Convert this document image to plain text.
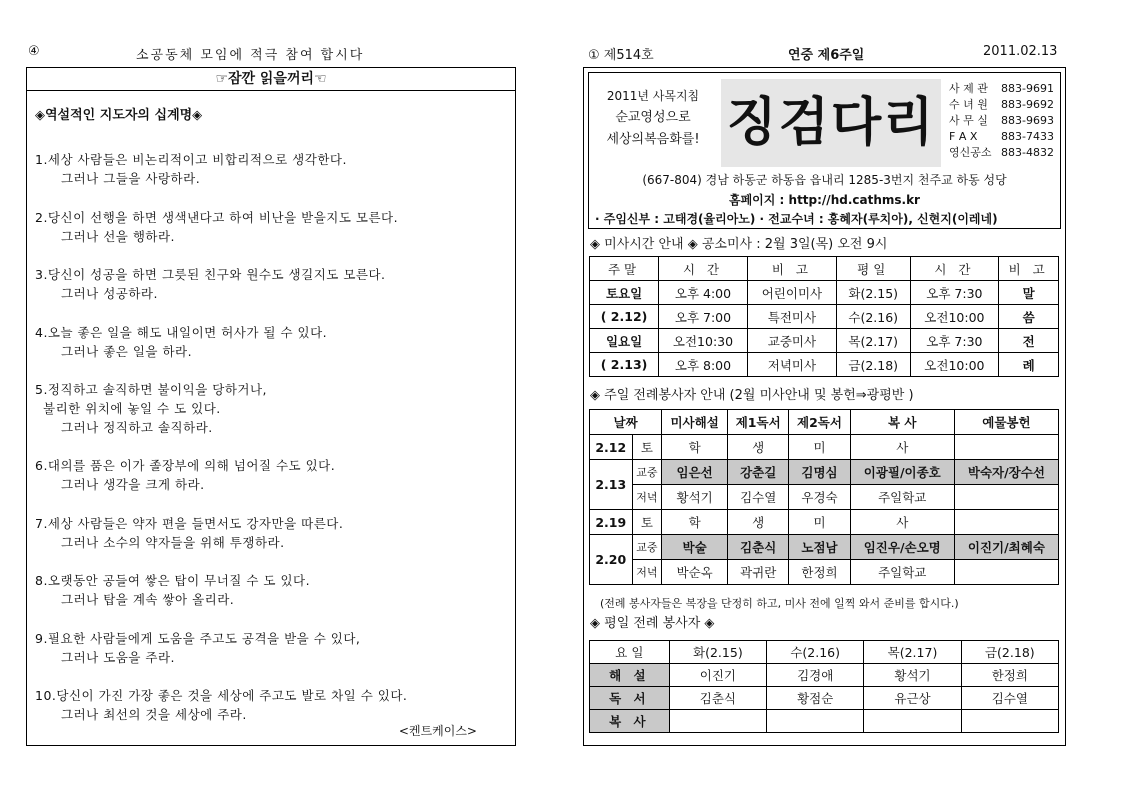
④	소공동체 모임에 적극 참여 합시다
☞잠깐 읽을꺼리☜
◈역설적인 지도자의 십계명◈
1.세상 사람들은 비논리적이고 비합리적으로 생각한다.
그러나 그들을 사랑하라.
2.당신이 선행을 하면 생색낸다고 하여 비난을 받을지도 모른다.
그러나 선을 행하라.
3.당신이 성공을 하면 그릇된 친구와 원수도 생길지도 모른다.
그러나 성공하라.
4.오늘 좋은 일을 해도 내일이면 허사가 될 수 있다.
그러나 좋은 일을 하라.
5.정직하고 솔직하면 불이익을 당하거나,
불리한 위치에 놓일 수 도 있다.
그러나 정직하고 솔직하라.
6.대의를 품은 이가 졸장부에 의해 넘어질 수도 있다.
그러나 생각을 크게 하라.
7.세상 사람들은 약자 편을 들면서도 강자만을 따른다.
그러나 소수의 약자들을 위해 투쟁하라.
8.오랫동안 공들여 쌓은 탑이 무너질 수 도 있다.
그러나 탑을 계속 쌓아 올리라.
9.필요한 사람들에게 도움을 주고도 공격을 받을 수 있다,
그러나 도움을 주라.
10.당신이 가진 가장 좋은 것을 세상에 주고도 발로 차일 수 있다.
그러나 최선의 것을 세상에 주라.
<켄트케이스>
① 제514호	연중 제6주일	2011.02.13
2011년 사목지침
순교영성으로
세상의복음화를! 징검다리
사 제 관 883-9691
수 녀 원 883-9692
사 무 실 883-9693
F A X 883-7433
영신공소 883-4832
(667-804) 경남 하동군 하동읍 읍내리 1285-3번지 천주교 하동 성당
홈페이지 : http://hd.cathms.kr
· 주임신부 : 고태경(율리아노) · 전교수녀 : 홍혜자(루치아), 신현지(이레네)
◈ 미사시간 안내 ◈ 공소미사 : 2월 3일(목) 오전 9시
주말	시 간	비 고	평일	시 간	비 고
토요일	오후 4:00	어린이미사	화(2.15)	오후 7:30	말
( 2.12)	오후 7:00	특전미사	수(2.16)	오전10:00	씀
일요일	오전10:30	교중미사	목(2.17)	오후 7:30	전
( 2.13)	오후 8:00	저녁미사	금(2.18)	오전10:00	례
◈ 주일 전례봉사자 안내 (2월 미사안내 및 봉헌⇒광평반 )
날짜		미사해설	제1독서	제2독서	복 사	예물봉헌
2.12	토	학	생	미	사	
2.13	교중	임은선	강춘길	김명심	이광필/이종호	박숙자/장수선
	저녁	황석기	김수열	우경숙	주일학교	
2.19	토	학	생	미	사	
2.20	교중	박술	김춘식	노점남	임진우/손오명	이진기/최혜숙
	저녁	박순옥	곽귀란	한정희	주일학교	
(전례 봉사자들은 복장을 단정히 하고, 미사 전에 일찍 와서 준비를 합시다.)
◈ 평일 전례 봉사자 ◈
요 일	화(2.15)	수(2.16)	목(2.17)	금(2.18)
해 설	이진기	김경애	황석기	한정희
독 서	김춘식	황점순	유근상	김수열
복 사				
